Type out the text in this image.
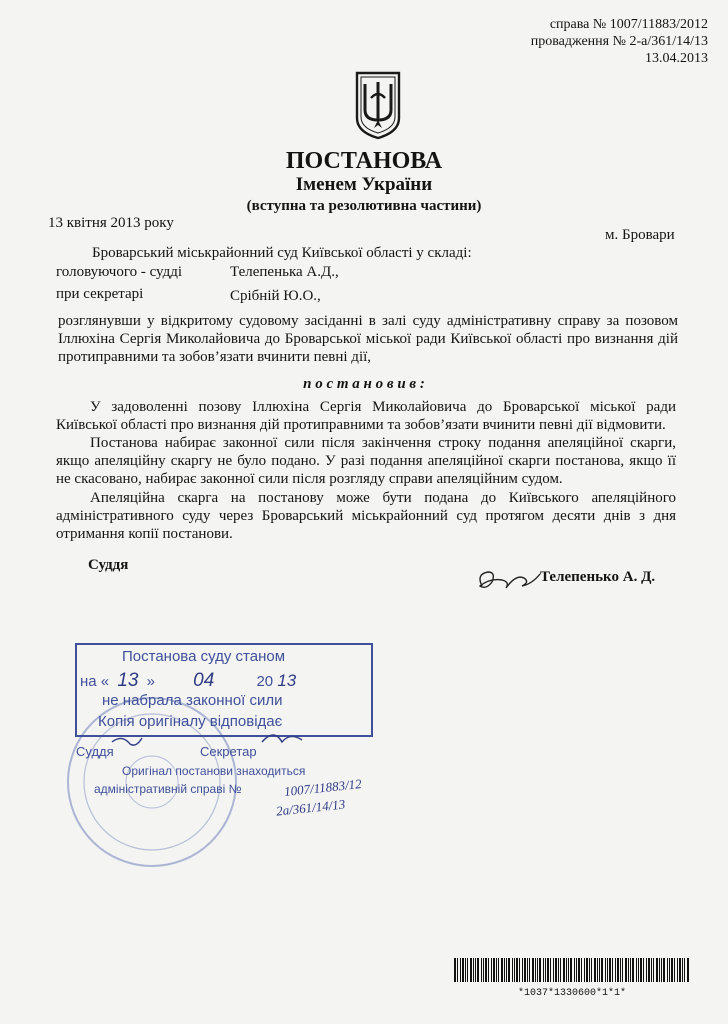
справа № 1007/11883/2012
провадження № 2-а/361/14/13
13.04.2013
ПОСТАНОВА
Іменем України
(вступна та резолютивна частини)
13 квітня 2013 року
м. Бровари
Броварський міськрайонний суд Київської області у складі:
головуючого - судді	Телепенька А.Д.,
при секретарі	Срібній Ю.О.,
розглянувши у відкритому судовому засіданні в залі суду адміністративну справу за позовом Іллюхіна Сергія Миколайовича до Броварської міської ради Київської області про визнання дій протиправними та зобов’язати вчинити певні дії,
п о с т а н о в и в :
У задоволенні позову Іллюхіна Сергія Миколайовича до Броварської міської ради Київської області про визнання дій протиправними та зобов’язати вчинити певні дії відмовити.
Постанова набирає законної сили після закінчення строку подання апеляційної скарги, якщо апеляційну скаргу не було подано. У разі подання апеляційної скарги постанова, якщо її не скасовано, набирає законної сили після розгляду справи апеляційним судом.
Апеляційна скарга на постанову може бути подана до Київського апеляційного адміністративного суду через Броварський міськрайонний суд протягом десяти днів з дня отримання копії постанови.
Суддя
Телепенько А. Д.
Постанова суду станом
на « 13 » 04	20 13
не набрала законної сили
Копія оригіналу відповідає
Суддя	Секретар
Оригінал постанови знаходиться
адміністративній справі №	1007/11883/12
2а/361/14/13
*1037*1330600*1*1*
